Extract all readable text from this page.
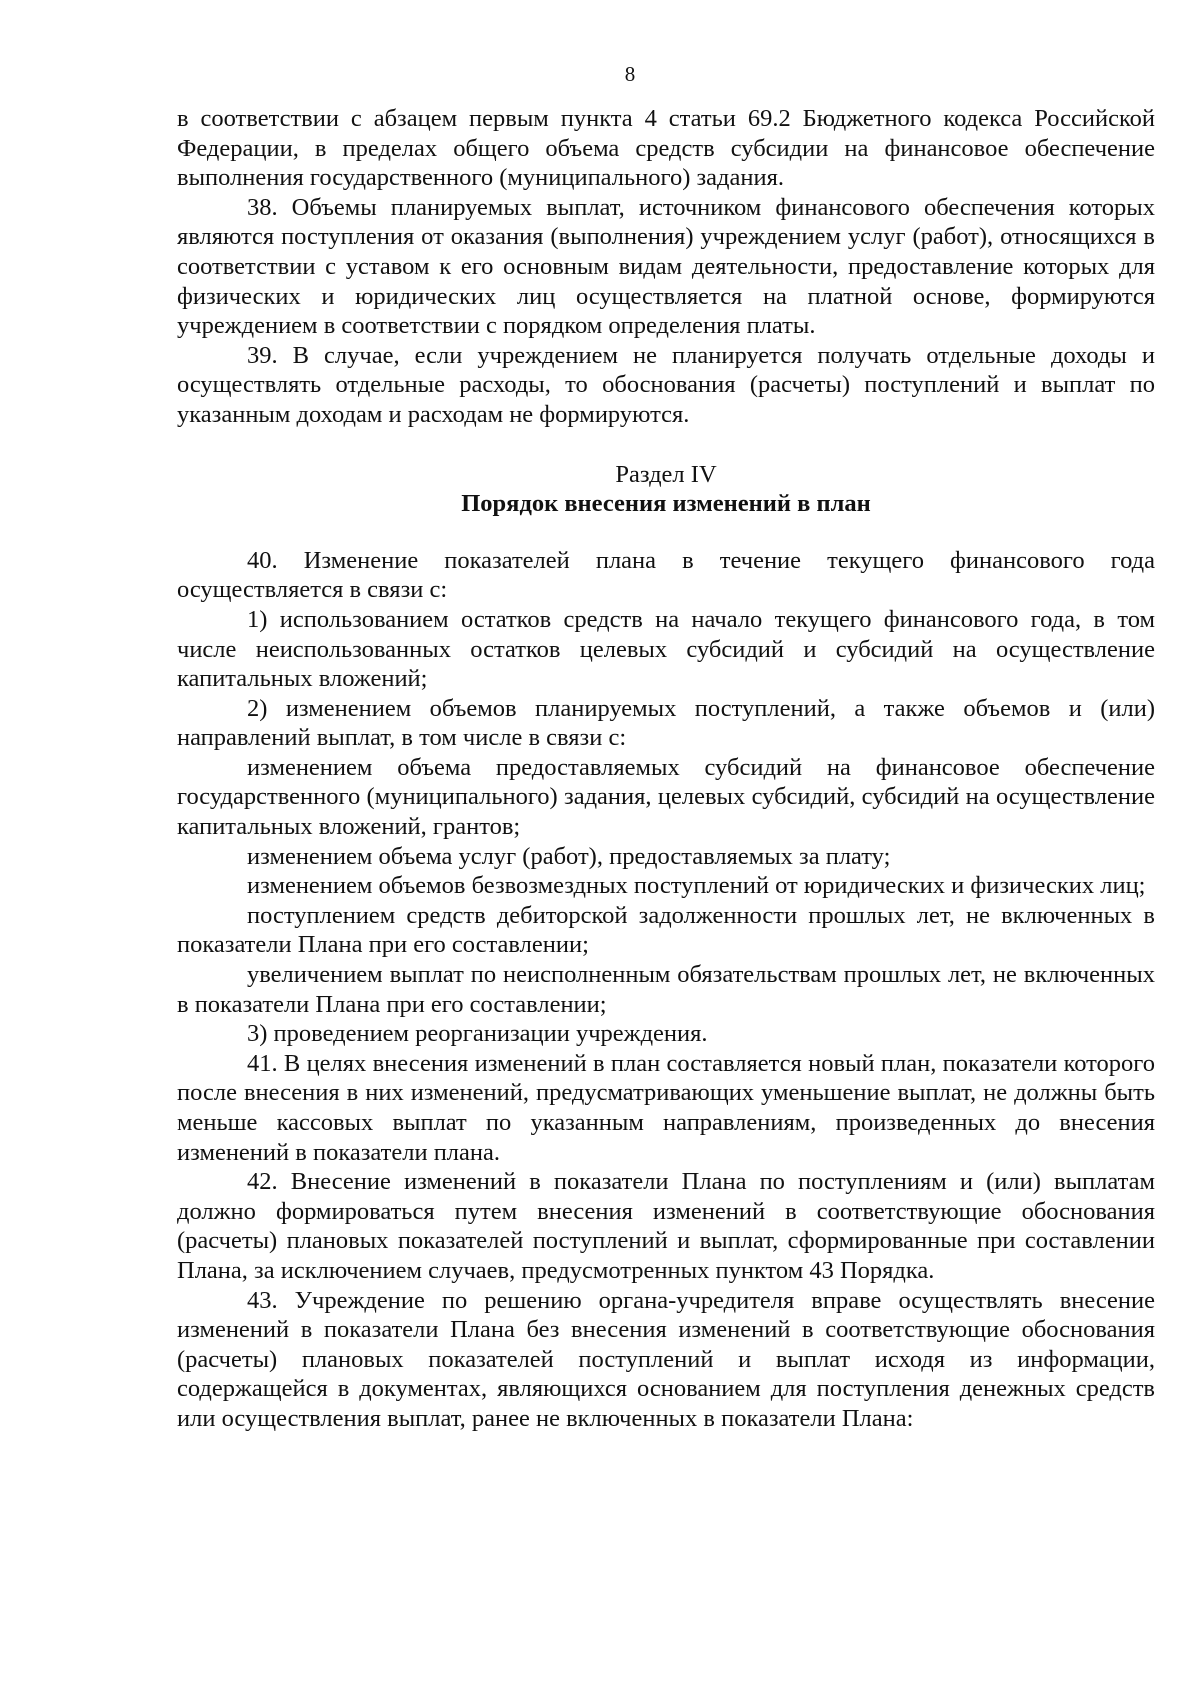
8

в соответствии с абзацем первым пункта 4 статьи 69.2 Бюджетного кодекса Российской Федерации, в пределах общего объема средств субсидии на финансовое обеспечение выполнения государственного (муниципального) задания.

38. Объемы планируемых выплат, источником финансового обеспечения которых являются поступления от оказания (выполнения) учреждением услуг (работ), относящихся в соответствии с уставом к его основным видам деятельности, предоставление которых для физических и юридических лиц осуществляется на платной основе, формируются учреждением в соответствии с порядком определения платы.

39. В случае, если учреждением не планируется получать отдельные доходы и осуществлять отдельные расходы, то обоснования (расчеты) поступлений и выплат по указанным доходам и расходам не формируются.

Раздел IV
Порядок внесения изменений в план

40. Изменение показателей плана в течение текущего финансового года осуществляется в связи с:

1) использованием остатков средств на начало текущего финансового года, в том числе неиспользованных остатков целевых субсидий и субсидий на осуществление капитальных вложений;

2) изменением объемов планируемых поступлений, а также объемов и (или) направлений выплат, в том числе в связи с:

изменением объема предоставляемых субсидий на финансовое обеспечение государственного (муниципального) задания, целевых субсидий, субсидий на осуществление капитальных вложений, грантов;

изменением объема услуг (работ), предоставляемых за плату;

изменением объемов безвозмездных поступлений от юридических и физических лиц;

поступлением средств дебиторской задолженности прошлых лет, не включенных в показатели Плана при его составлении;

увеличением выплат по неисполненным обязательствам прошлых лет, не включенных в показатели Плана при его составлении;

3) проведением реорганизации учреждения.

41. В целях внесения изменений в план составляется новый план, показатели которого после внесения в них изменений, предусматривающих уменьшение выплат, не должны быть меньше кассовых выплат по указанным направлениям, произведенных до внесения изменений в показатели плана.

42. Внесение изменений в показатели Плана по поступлениям и (или) выплатам должно формироваться путем внесения изменений в соответствующие обоснования (расчеты) плановых показателей поступлений и выплат, сформированные при составлении Плана, за исключением случаев, предусмотренных пунктом 43 Порядка.

43. Учреждение по решению органа-учредителя вправе осуществлять внесение изменений в показатели Плана без внесения изменений в соответствующие обоснования (расчеты) плановых показателей поступлений и выплат исходя из информации, содержащейся в документах, являющихся основанием для поступления денежных средств или осуществления выплат, ранее не включенных в показатели Плана:
